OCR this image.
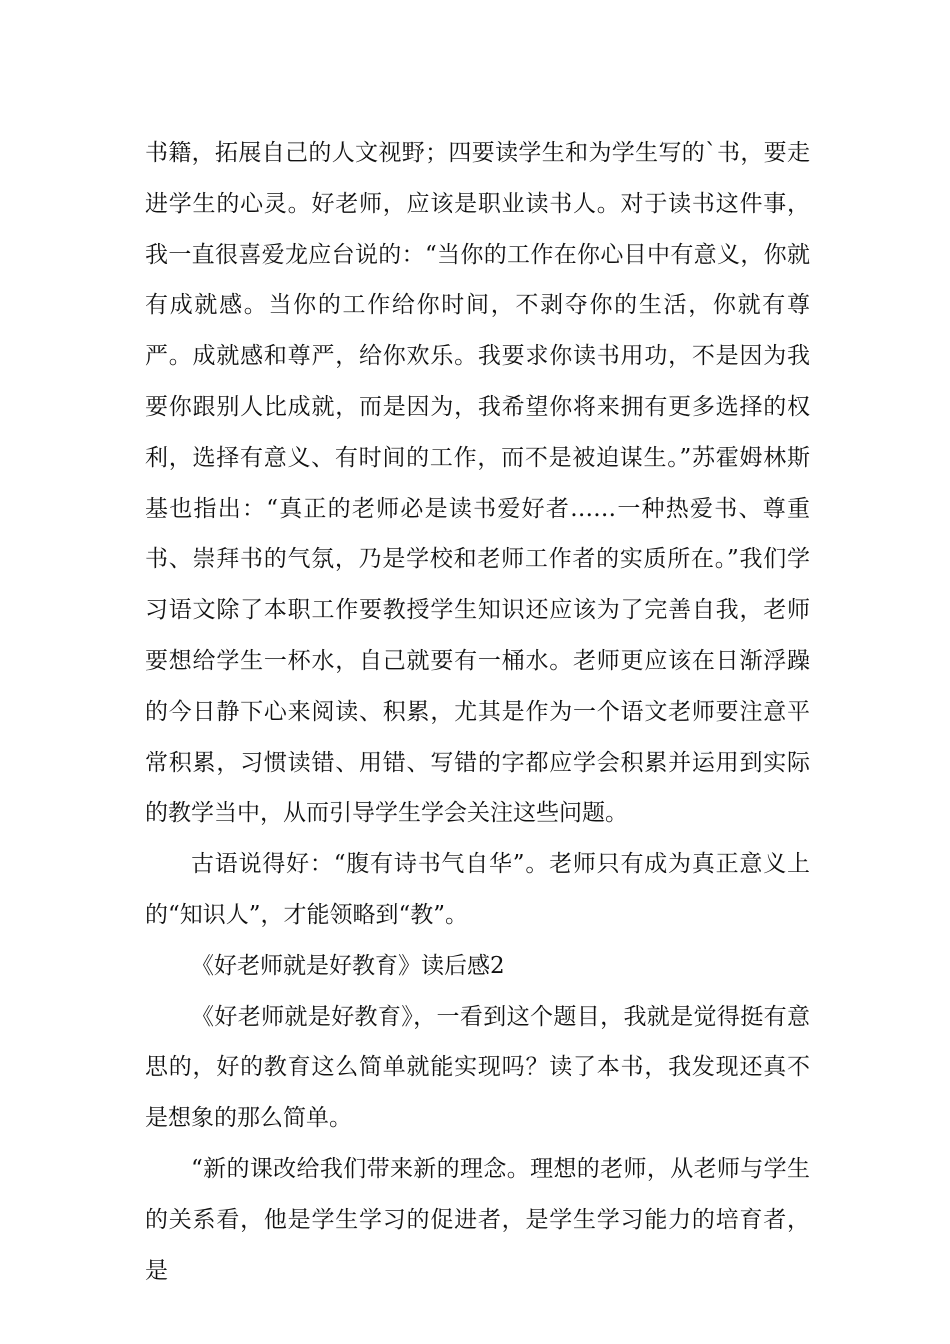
书籍，拓展自己的人文视野；四要读学生和为学生写的`书，要走进学生的心灵。好老师，应该是职业读书人。对于读书这件事，我一直很喜爱龙应台说的：“当你的工作在你心目中有意义，你就有成就感。当你的工作给你时间，不剥夺你的生活，你就有尊严。成就感和尊严，给你欢乐。我要求你读书用功，不是因为我要你跟别人比成就，而是因为，我希望你将来拥有更多选择的权利，选择有意义、有时间的工作，而不是被迫谋生。”苏霍姆林斯基也指出：“真正的老师必是读书爱好者……一种热爱书、尊重书、崇拜书的气氛，乃是学校和老师工作者的实质所在。”我们学习语文除了本职工作要教授学生知识还应该为了完善自我，老师要想给学生一杯水，自己就要有一桶水。老师更应该在日渐浮躁的今日静下心来阅读、积累，尤其是作为一个语文老师要注意平常积累，习惯读错、用错、写错的字都应学会积累并运用到实际的教学当中，从而引导学生学会关注这些问题。

古语说得好：“腹有诗书气自华”。老师只有成为真正意义上的“知识人”，才能领略到“教”。

《好老师就是好教育》读后感2

《好老师就是好教育》，一看到这个题目，我就是觉得挺有意思的，好的教育这么简单就能实现吗？读了本书，我发现还真不是想象的那么简单。

“新的课改给我们带来新的理念。理想的老师，从老师与学生的关系看，他是学生学习的促进者，是学生学习能力的培育者，是
